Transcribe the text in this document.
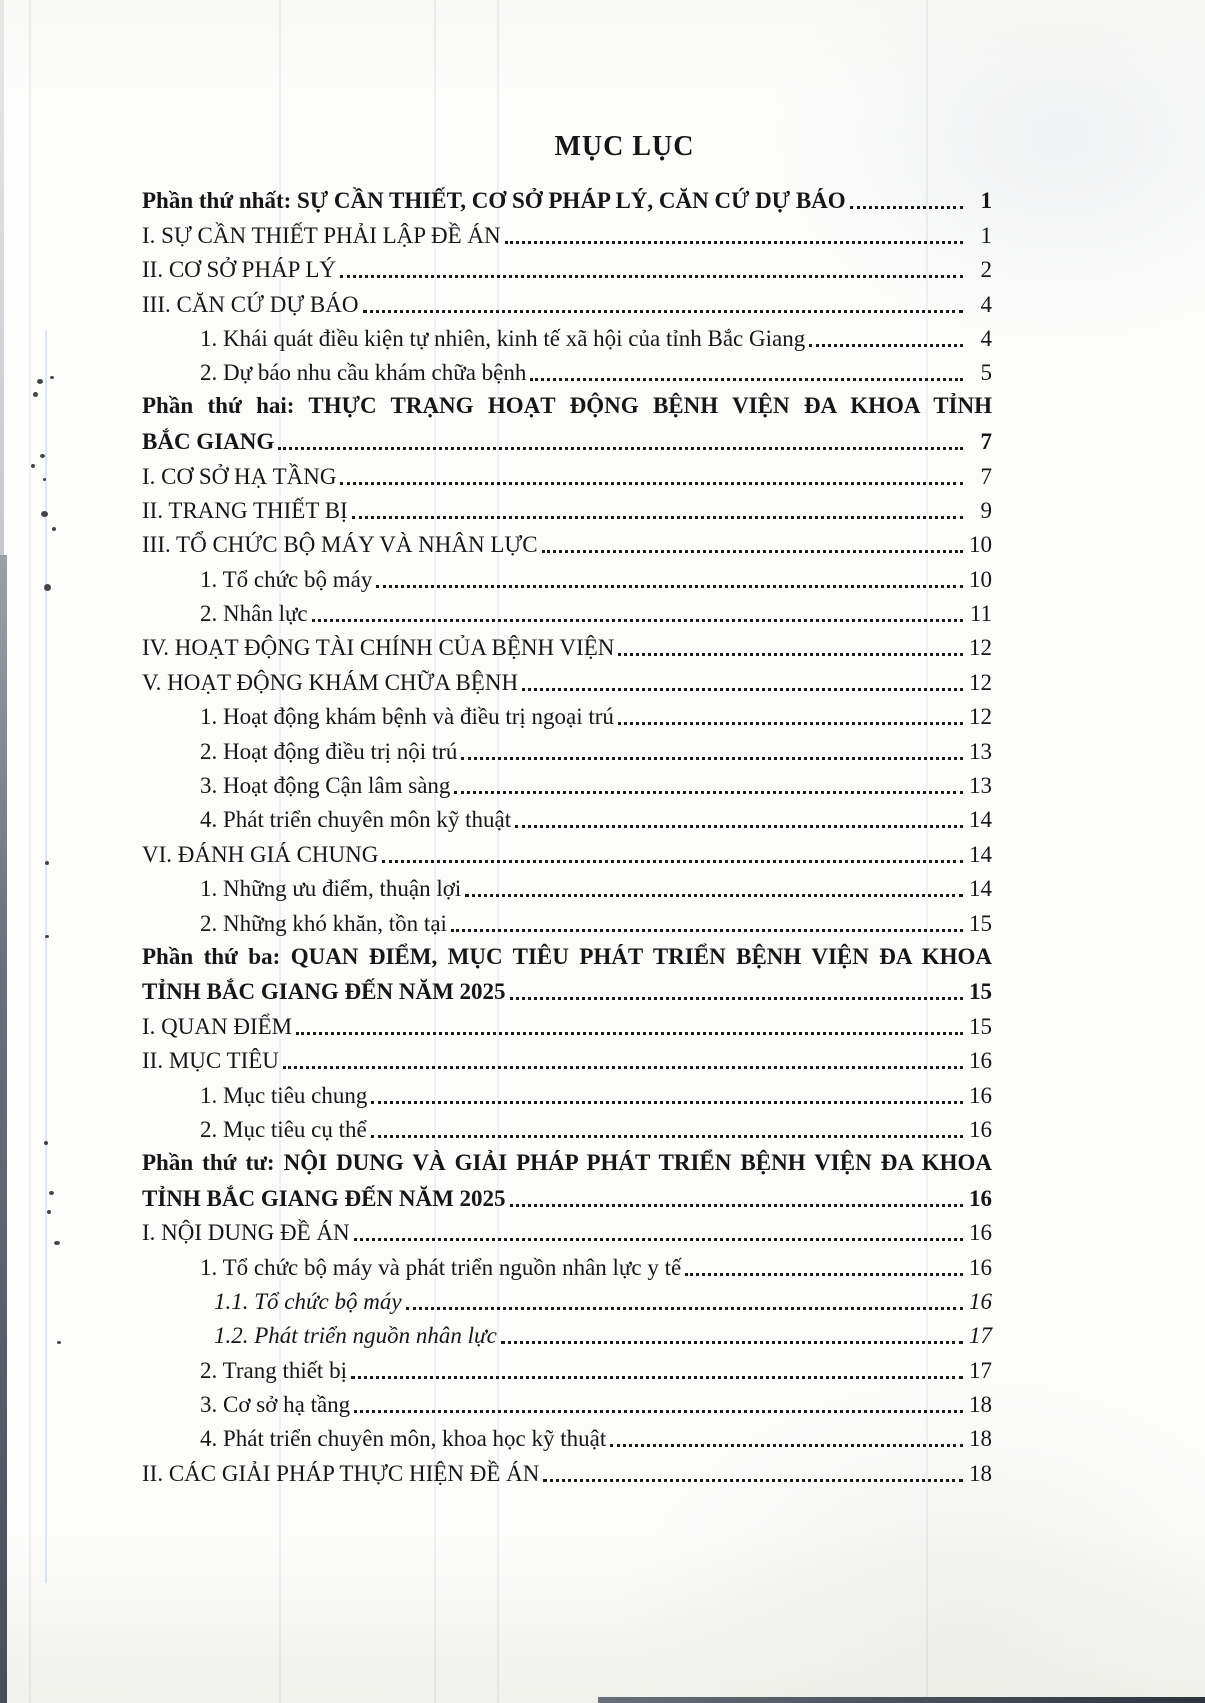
MỤC LỤC
Phần thứ nhất: SỰ CẦN THIẾT, CƠ SỞ PHÁP LÝ, CĂN CỨ DỰ BÁO	1
I. SỰ CẦN THIẾT PHẢI LẬP ĐỀ ÁN	1
II. CƠ SỞ PHÁP LÝ	2
III. CĂN CỨ DỰ BÁO	4
1. Khái quát điều kiện tự nhiên, kinh tế xã hội của tỉnh Bắc Giang	4
2. Dự báo nhu cầu khám chữa bệnh	5
Phần thứ hai: THỰC TRẠNG HOẠT ĐỘNG BỆNH VIỆN ĐA KHOA TỈNH
BẮC GIANG	7
I. CƠ SỞ HẠ TẦNG	7
II. TRANG THIẾT BỊ	9
III. TỔ CHỨC BỘ MÁY VÀ NHÂN LỰC	10
1. Tổ chức bộ máy	10
2. Nhân lực	11
IV. HOẠT ĐỘNG TÀI CHÍNH CỦA BỆNH VIỆN	12
V. HOẠT ĐỘNG KHÁM CHỮA BỆNH	12
1. Hoạt động khám bệnh và điều trị ngoại trú	12
2. Hoạt động điều trị nội trú	13
3. Hoạt động Cận lâm sàng	13
4. Phát triển chuyên môn kỹ thuật	14
VI. ĐÁNH GIÁ CHUNG	14
1. Những ưu điểm, thuận lợi	14
2. Những khó khăn, tồn tại	15
Phần thứ ba: QUAN ĐIỂM, MỤC TIÊU PHÁT TRIỂN BỆNH VIỆN ĐA KHOA
TỈNH BẮC GIANG ĐẾN NĂM 2025	15
I. QUAN ĐIỂM	15
II. MỤC TIÊU	16
1. Mục tiêu chung	16
2. Mục tiêu cụ thể	16
Phần thứ tư: NỘI DUNG VÀ GIẢI PHÁP PHÁT TRIỂN BỆNH VIỆN ĐA KHOA
TỈNH BẮC GIANG ĐẾN NĂM 2025	16
I. NỘI DUNG ĐỀ ÁN	16
1. Tổ chức bộ máy và phát triển nguồn nhân lực y tế	16
1.1. Tổ chức bộ máy	16
1.2. Phát triển nguồn nhân lực	17
2. Trang thiết bị	17
3. Cơ sở hạ tầng	18
4. Phát triển chuyên môn, khoa học kỹ thuật	18
II. CÁC GIẢI PHÁP THỰC HIỆN ĐỀ ÁN	18
